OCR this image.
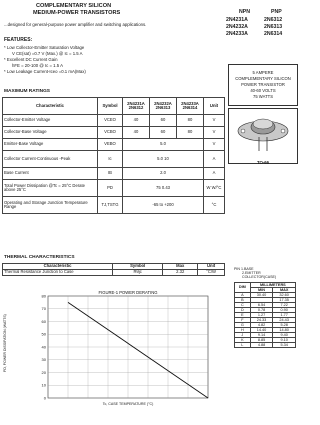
COMPLEMENTARY SILICON
MEDIUM-POWER TRANSISTORS
...designed for general-purpose power amplifier and switching applications.
FEATURES:
* Low Collector-Emitter Saturation Voltage
V CE(sat) =0.7 V (Max.) @ Ic = 1.5 A
* Excellent DC Current Gain
hFE = 20-100 @ Ic = 1.5 A
* Low Leakage Current-Iceo =0.1 mA(Max)
NPN	PNP
2N4231A	2N6312
2N4232A	2N6313
2N4233A	2N6314
5 AMPERE
COMPLEMENTARY SILICON
POWER TRANSISTOR
40-60 VOLTS
75 WATTS
TO-66
MAXIMUM RATINGS
Characteristic	Symbol	2N4231A 2N6312	2N4232A 2N6313	2N4233A 2N6314	Unit
Collector-Emitter Voltage	VCEO	40	60	80	V
Collector-Base Voltage	VCBO	40	60	80	V
Emitter-Base Voltage	VEBO	5.0			V
Collector Current-Continuous -Peak	Ic	5.0 10			A
Base Current	IB	2.0			A
Total Power Dissipation @Tc = 25°C Derate above 25°C	PD	75 0.43			W W/°C
Operating and Storage Junction Temperature Range	TJ,TSTG	-65 to +200			°C
THERMAL CHARACTERISTICS
Characteristic	Symbol	Max	Unit
Thermal Resistance Junction to Case	Rθjc	2.32	°C/W
80
70
60
50
40
30
20
10
0
FIGURE-1 POWER DERATING
Tc, CASE TEMPERATURE (°C)
PD, POWER DISSIPATION (WATTS)
PIN 1.BASE
2.EMITTER
COLLECTOR(CASE)
DIM	MILLIMETERS	
	MIN	MAX
A	30.40	32.60
B		17.35
C	6.54	7.22
D	0.78	0.90
E	1.27	1.77
F	24.33	24.43
G	4.82	5.28
H	14.40	14.80
J	9.14	9.40
K	8.85	9.10
L	4.88	5.34
